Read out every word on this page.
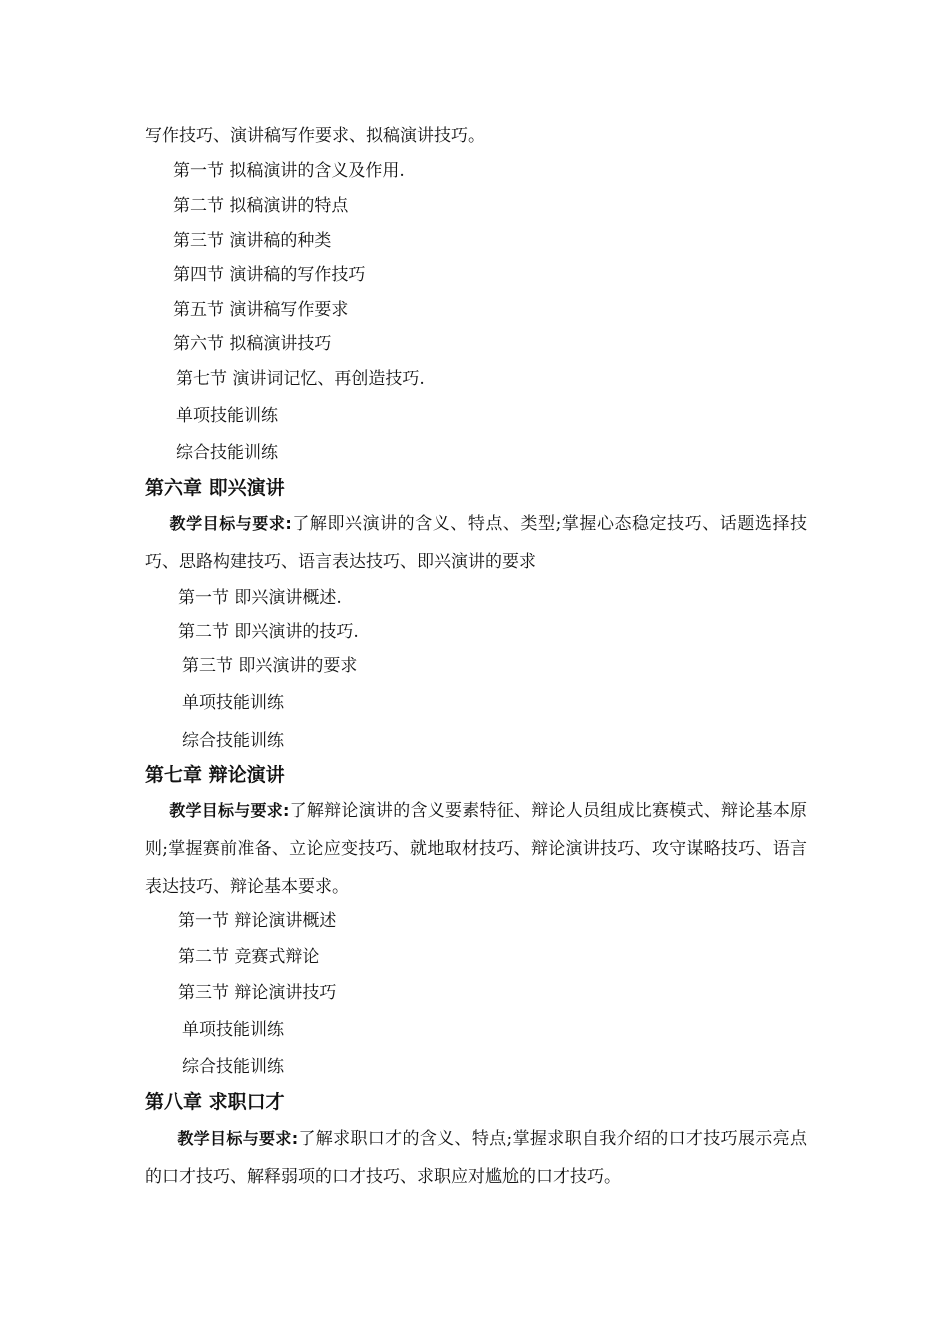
写作技巧、演讲稿写作要求、拟稿演讲技巧。
第一节 拟稿演讲的含义及作用.
第二节 拟稿演讲的特点
第三节 演讲稿的种类
第四节 演讲稿的写作技巧
第五节 演讲稿写作要求
第六节 拟稿演讲技巧
第七节 演讲词记忆、再创造技巧.
单项技能训练
综合技能训练
第六章 即兴演讲
教学目标与要求:了解即兴演讲的含义、特点、类型;掌握心态稳定技巧、话题选择技巧、思路构建技巧、语言表达技巧、即兴演讲的要求
第一节 即兴演讲概述.
第二节 即兴演讲的技巧.
第三节 即兴演讲的要求
单项技能训练
综合技能训练
第七章 辩论演讲
教学目标与要求:了解辩论演讲的含义要素特征、辩论人员组成比赛模式、辩论基本原则;掌握赛前准备、立论应变技巧、就地取材技巧、辩论演讲技巧、攻守谋略技巧、语言表达技巧、辩论基本要求。
第一节 辩论演讲概述
第二节 竞赛式辩论
第三节 辩论演讲技巧
单项技能训练
综合技能训练
第八章 求职口才
教学目标与要求:了解求职口才的含义、特点;掌握求职自我介绍的口才技巧展示亮点的口才技巧、解释弱项的口才技巧、求职应对尴尬的口才技巧。
